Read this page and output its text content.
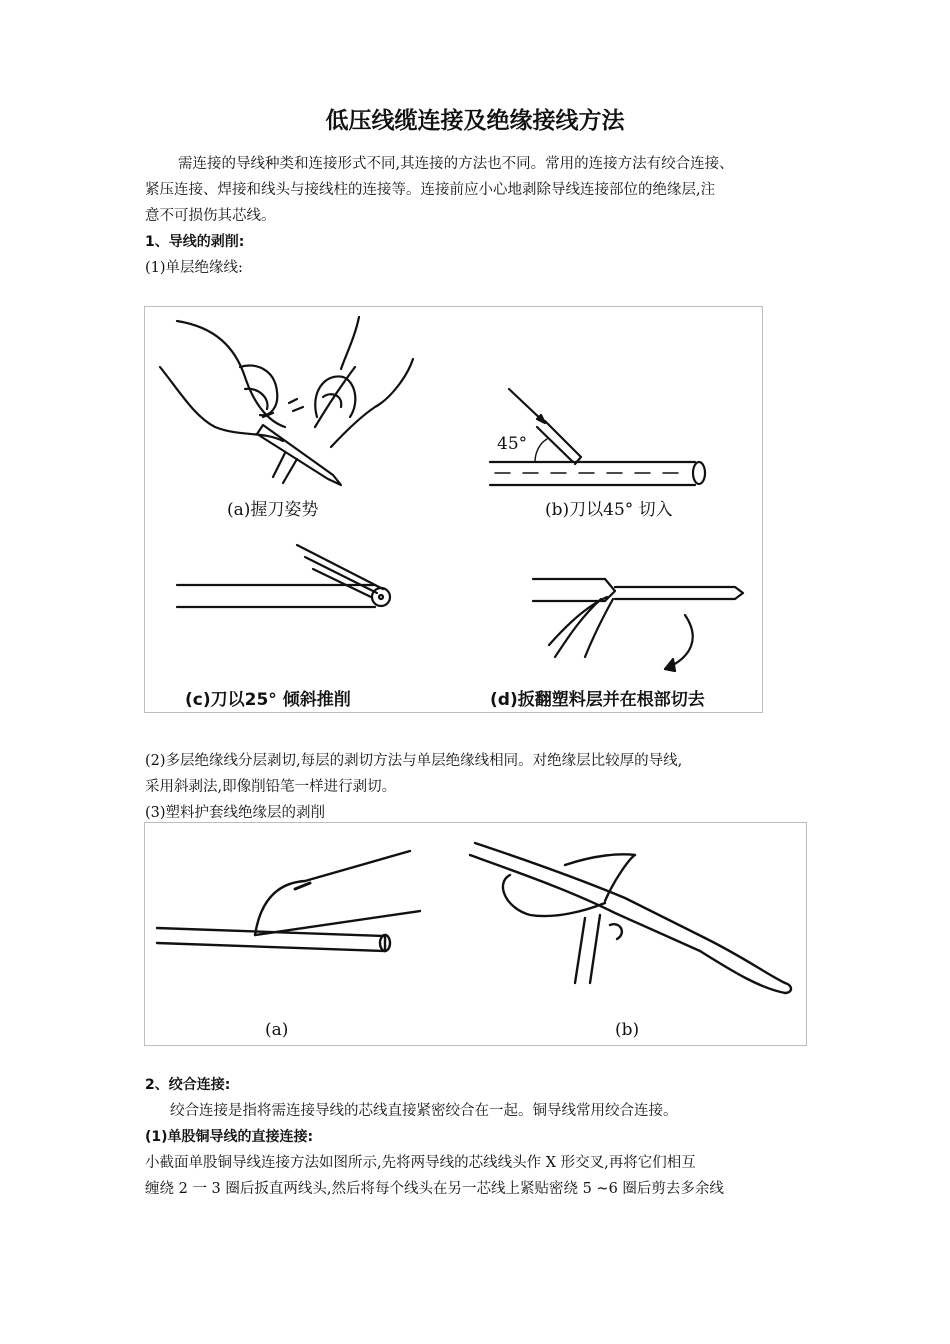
低压线缆连接及绝缘接线方法
需连接的导线种类和连接形式不同,其连接的方法也不同。常用的连接方法有绞合连接、
紧压连接、焊接和线头与接线柱的连接等。连接前应小心地剥除导线连接部位的绝缘层,注
意不可损伤其芯线。
1、导线的剥削:
(1)单层绝缘线:
(a)握刀姿势
45°
(b)刀以45° 切入
(c)刀以25° 倾斜推削	(d)扳翻塑料层并在根部切去
(2)多层绝缘线分层剥切,每层的剥切方法与单层绝缘线相同。对绝缘层比较厚的导线,
采用斜剥法,即像削铅笔一样进行剥切。
(3)塑料护套线绝缘层的剥削
(a)	(b)
2、绞合连接:
绞合连接是指将需连接导线的芯线直接紧密绞合在一起。铜导线常用绞合连接。
(1)单股铜导线的直接连接:
小截面单股铜导线连接方法如图所示,先将两导线的芯线线头作 X 形交叉,再将它们相互
缠绕 2 一 3 圈后扳直两线头,然后将每个线头在另一芯线上紧贴密绕 5 ~6 圈后剪去多余线
